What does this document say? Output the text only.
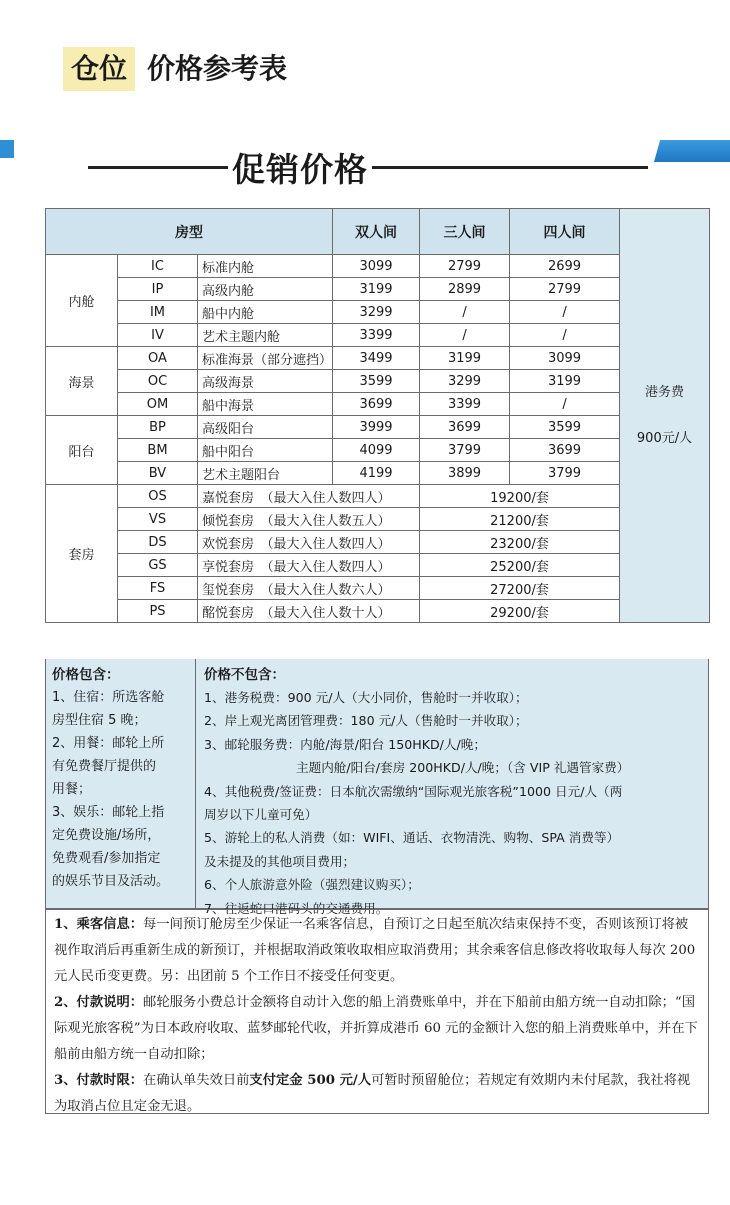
仓位 价格参考表
促销价格
房型			双人间	三人间	四人间	港务费
900元/人

内舱	IC	标准内舱	3099	2799	2699	
	IP	高级内舱	3199	2899	2799	
	IM	船中内舱	3299	/	/	
	IV	艺术主题内舱	3399	/	/	
海景	OA	标准海景（部分遮挡）	3499	3199	3099	
	OC	高级海景	3599	3299	3199	
	OM	船中海景	3699	3399	/	
阳台	BP	高级阳台	3999	3699	3599	
	BM	船中阳台	4099	3799	3699	
	BV	艺术主题阳台	4199	3899	3799	
套房	OS	嘉悦套房　（最大入住人数四人）		19200/套		
	VS	倾悦套房　（最大入住人数五人）		21200/套		
	DS	欢悦套房　（最大入住人数四人）		23200/套		
	GS	享悦套房　（最大入住人数四人）		25200/套		
	FS	玺悦套房　（最大入住人数六人）		27200/套		
	PS	酩悦套房　（最大入住人数十人）		29200/套		
价格包含：

1、住宿：所选客舱

房型住宿 5 晚；

2、用餐：邮轮上所

有免费餐厅提供的

用餐；

3、娱乐：邮轮上指

定免费设施/场所，

免费观看/参加指定

的娱乐节目及活动。

价格不包含：

1、港务税费：900 元/人（大小同价，售舱时一并收取）；

2、岸上观光离团管理费：180 元/人（售舱时一并收取）；

3、邮轮服务费：内舱/海景/阳台 150HKD/人/晚；

主题内舱/阳台/套房 200HKD/人/晚；（含 VIP 礼遇管家费）

4、其他税费/签证费：日本航次需缴纳“国际观光旅客税”1000 日元/人（两

周岁以下儿童可免）

5、游轮上的私人消费（如：WIFI、通话、衣物清洗、购物、SPA 消费等）

及未提及的其他项目费用；

6、个人旅游意外险（强烈建议购买）；

7、往返蛇口港码头的交通费用。

1、乘客信息：每一间预订舱房至少保证一名乘客信息，自预订之日起至航次结束保持不变，否则该预订将被视作取消后再重新生成的新预订，并根据取消政策收取相应取消费用；其余乘客信息修改将收取每人每次 200 元人民币变更费。另：出团前 5 个工作日不接受任何变更。

2、付款说明：邮轮服务小费总计金额将自动计入您的船上消费账单中，并在下船前由船方统一自动扣除；“国际观光旅客税”为日本政府收取、蓝梦邮轮代收，并折算成港币 60 元的金额计入您的船上消费账单中，并在下船前由船方统一自动扣除；

3、付款时限：在确认单失效日前支付定金 500 元/人可暂时预留舱位；若规定有效期内未付尾款，我社将视为取消占位且定金无退。
